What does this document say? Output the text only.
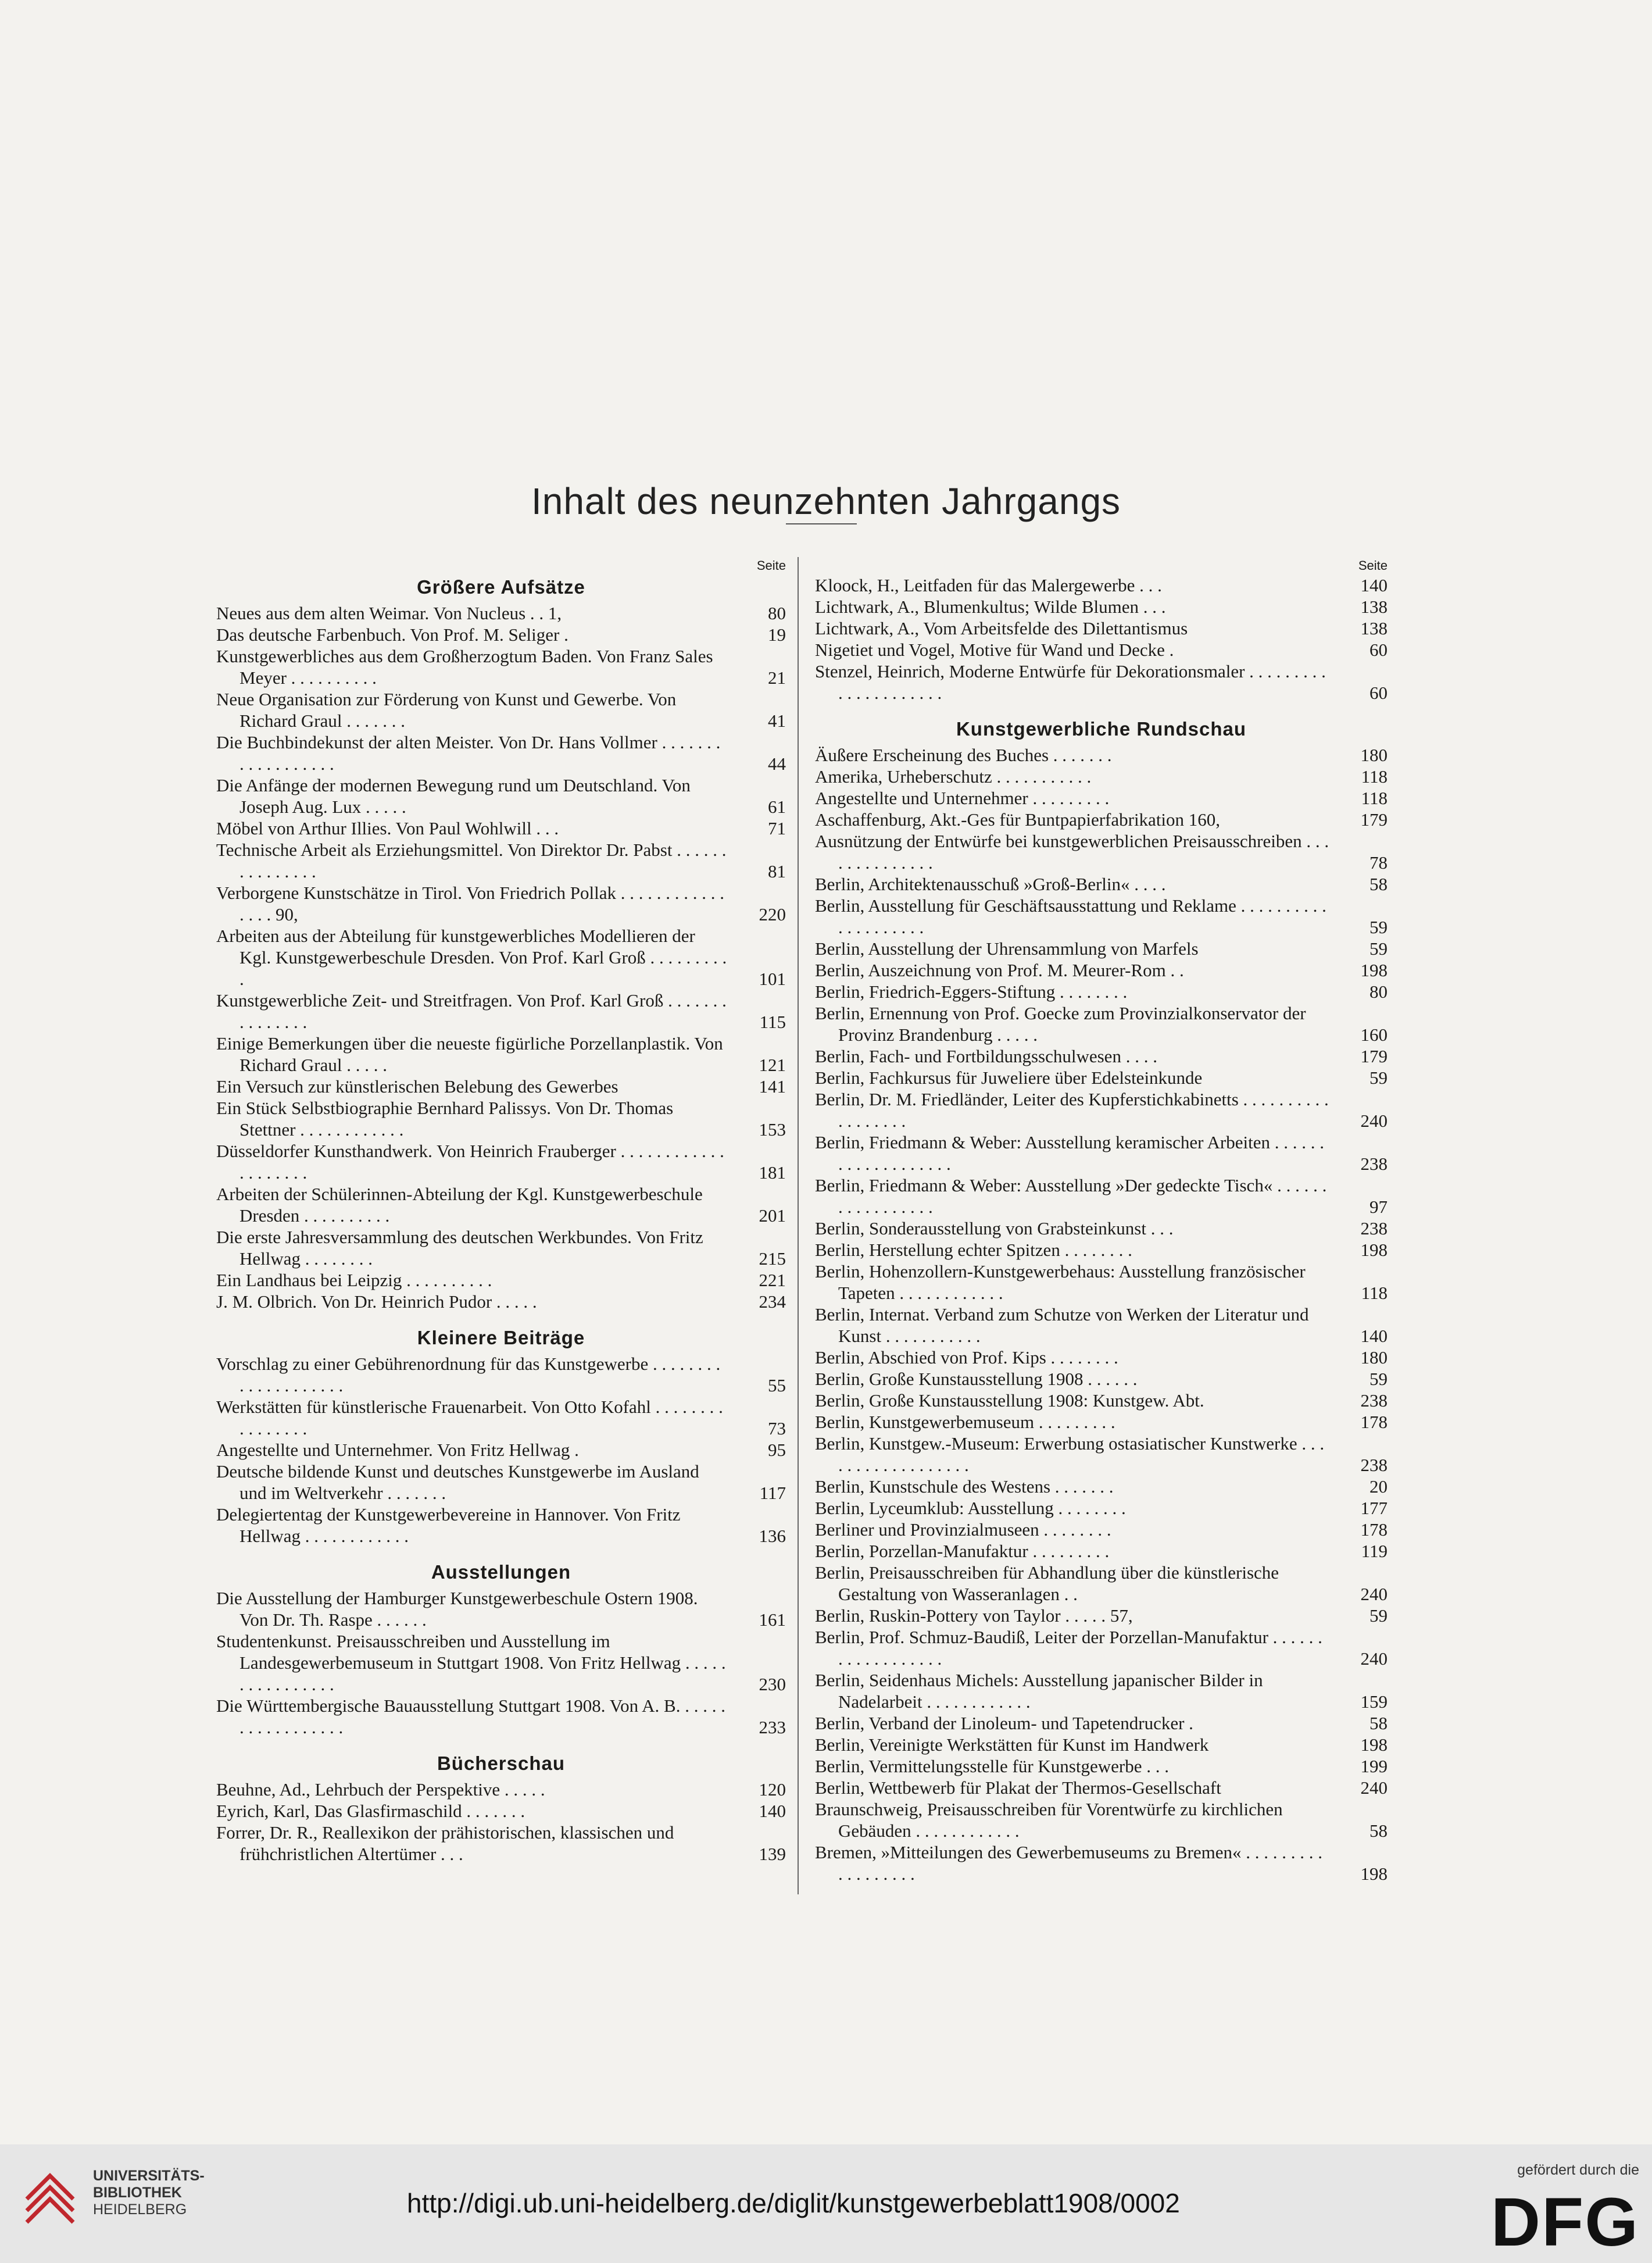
Inhalt des neunzehnten Jahrgangs
Seite
Größere Aufsätze
Neues aus dem alten Weimar. Von Nucleus . . 1,	80
Das deutsche Farbenbuch. Von Prof. M. Seliger .	19
Kunstgewerbliches aus dem Großherzogtum Baden. Von Franz Sales Meyer . . . . . . . . . .	21
Neue Organisation zur Förderung von Kunst und Gewerbe. Von Richard Graul . . . . . . .	41
Die Buchbindekunst der alten Meister. Von Dr. Hans Vollmer . . . . . . . . . . . . . . . . . .	44
Die Anfänge der modernen Bewegung rund um Deutschland. Von Joseph Aug. Lux . . . . .	61
Möbel von Arthur Illies. Von Paul Wohlwill . . .	71
Technische Arbeit als Erziehungsmittel. Von Direktor Dr. Pabst . . . . . . . . . . . . . . .	81
Verborgene Kunstschätze in Tirol. Von Friedrich Pollak . . . . . . . . . . . . . . . . 90,	220
Arbeiten aus der Abteilung für kunstgewerbliches Modellieren der Kgl. Kunstgewerbeschule Dresden. Von Prof. Karl Groß . . . . . . . . . .	101
Kunstgewerbliche Zeit- und Streitfragen. Von Prof. Karl Groß . . . . . . . . . . . . . . .	115
Einige Bemerkungen über die neueste figürliche Porzellanplastik. Von Richard Graul . . . . .	121
Ein Versuch zur künstlerischen Belebung des Gewerbes	141
Ein Stück Selbstbiographie Bernhard Palissys. Von Dr. Thomas Stettner . . . . . . . . . . . .	153
Düsseldorfer Kunsthandwerk. Von Heinrich Frauberger . . . . . . . . . . . . . . . . . . . .	181
Arbeiten der Schülerinnen-Abteilung der Kgl. Kunstgewerbeschule Dresden . . . . . . . . . .	201
Die erste Jahresversammlung des deutschen Werkbundes. Von Fritz Hellwag . . . . . . . .	215
Ein Landhaus bei Leipzig . . . . . . . . . .	221
J. M. Olbrich. Von Dr. Heinrich Pudor . . . . .	234
Kleinere Beiträge
Vorschlag zu einer Gebührenordnung für das Kunstgewerbe . . . . . . . . . . . . . . . . . . . .	55
Werkstätten für künstlerische Frauenarbeit. Von Otto Kofahl . . . . . . . . . . . . . . . .	73
Angestellte und Unternehmer. Von Fritz Hellwag .	95
Deutsche bildende Kunst und deutsches Kunstgewerbe im Ausland und im Weltverkehr . . . . . . .	117
Delegiertentag der Kunstgewerbevereine in Hannover. Von Fritz Hellwag . . . . . . . . . . . .	136
Ausstellungen
Die Ausstellung der Hamburger Kunstgewerbeschule Ostern 1908. Von Dr. Th. Raspe . . . . . .	161
Studentenkunst. Preisausschreiben und Ausstellung im Landesgewerbemuseum in Stuttgart 1908. Von Fritz Hellwag . . . . . . . . . . . . . . . .	230
Die Württembergische Bauausstellung Stuttgart 1908. Von A. B. . . . . . . . . . . . . . . . . .	233
Bücherschau
Beuhne, Ad., Lehrbuch der Perspektive . . . . .	120
Eyrich, Karl, Das Glasfirmaschild . . . . . . .	140
Forrer, Dr. R., Reallexikon der prähistorischen, klassischen und frühchristlichen Altertümer . . .	139
Seite
Kloock, H., Leitfaden für das Malergewerbe . . .	140
Lichtwark, A., Blumenkultus; Wilde Blumen . . .	138
Lichtwark, A., Vom Arbeitsfelde des Dilettantismus	138
Nigetiet und Vogel, Motive für Wand und Decke .	60
Stenzel, Heinrich, Moderne Entwürfe für Dekorationsmaler . . . . . . . . . . . . . . . . . . . . .	60
Kunstgewerbliche Rundschau
Äußere Erscheinung des Buches . . . . . . .	180
Amerika, Urheberschutz . . . . . . . . . . .	118
Angestellte und Unternehmer . . . . . . . . .	118
Aschaffenburg, Akt.-Ges für Buntpapierfabrikation 160,	179
Ausnützung der Entwürfe bei kunstgewerblichen Preisausschreiben . . . . . . . . . . . . . .	78
Berlin, Architektenausschuß »Groß-Berlin« . . . .	58
Berlin, Ausstellung für Geschäftsausstattung und Reklame . . . . . . . . . . . . . . . . . . . .	59
Berlin, Ausstellung der Uhrensammlung von Marfels	59
Berlin, Auszeichnung von Prof. M. Meurer-Rom . .	198
Berlin, Friedrich-Eggers-Stiftung . . . . . . . .	80
Berlin, Ernennung von Prof. Goecke zum Provinzialkonservator der Provinz Brandenburg . . . . .	160
Berlin, Fach- und Fortbildungsschulwesen . . . .	179
Berlin, Fachkursus für Juweliere über Edelsteinkunde	59
Berlin, Dr. M. Friedländer, Leiter des Kupferstichkabinetts . . . . . . . . . . . . . . . . . .	240
Berlin, Friedmann & Weber: Ausstellung keramischer Arbeiten . . . . . . . . . . . . . . . . . . .	238
Berlin, Friedmann & Weber: Ausstellung »Der gedeckte Tisch« . . . . . . . . . . . . . . . . .	97
Berlin, Sonderausstellung von Grabsteinkunst . . .	238
Berlin, Herstellung echter Spitzen . . . . . . . .	198
Berlin, Hohenzollern-Kunstgewerbehaus: Ausstellung französischer Tapeten . . . . . . . . . . . .	118
Berlin, Internat. Verband zum Schutze von Werken der Literatur und Kunst . . . . . . . . . . .	140
Berlin, Abschied von Prof. Kips . . . . . . . .	180
Berlin, Große Kunstausstellung 1908 . . . . . .	59
Berlin, Große Kunstausstellung 1908: Kunstgew. Abt.	238
Berlin, Kunstgewerbemuseum . . . . . . . . .	178
Berlin, Kunstgew.-Museum: Erwerbung ostasiatischer Kunstwerke . . . . . . . . . . . . . . . . . .	238
Berlin, Kunstschule des Westens . . . . . . .	20
Berlin, Lyceumklub: Ausstellung . . . . . . . .	177
Berliner und Provinzialmuseen . . . . . . . .	178
Berlin, Porzellan-Manufaktur . . . . . . . . .	119
Berlin, Preisausschreiben für Abhandlung über die künstlerische Gestaltung von Wasseranlagen . .	240
Berlin, Ruskin-Pottery von Taylor . . . . . 57,	59
Berlin, Prof. Schmuz-Baudiß, Leiter der Porzellan-Manufaktur . . . . . . . . . . . . . . . . . .	240
Berlin, Seidenhaus Michels: Ausstellung japanischer Bilder in Nadelarbeit . . . . . . . . . . . .	159
Berlin, Verband der Linoleum- und Tapetendrucker .	58
Berlin, Vereinigte Werkstätten für Kunst im Handwerk	198
Berlin, Vermittelungsstelle für Kunstgewerbe . . .	199
Berlin, Wettbewerb für Plakat der Thermos-Gesellschaft	240
Braunschweig, Preisausschreiben für Vorentwürfe zu kirchlichen Gebäuden . . . . . . . . . . . .	58
Bremen, »Mitteilungen des Gewerbemuseums zu Bremen« . . . . . . . . . . . . . . . . . .	198
UNIVERSITÄTS-
BIBLIOTHEK
HEIDELBERG	http://digi.ub.uni-heidelberg.de/diglit/kunstgewerbeblatt1908/0002
gefördert durch die
DFG
